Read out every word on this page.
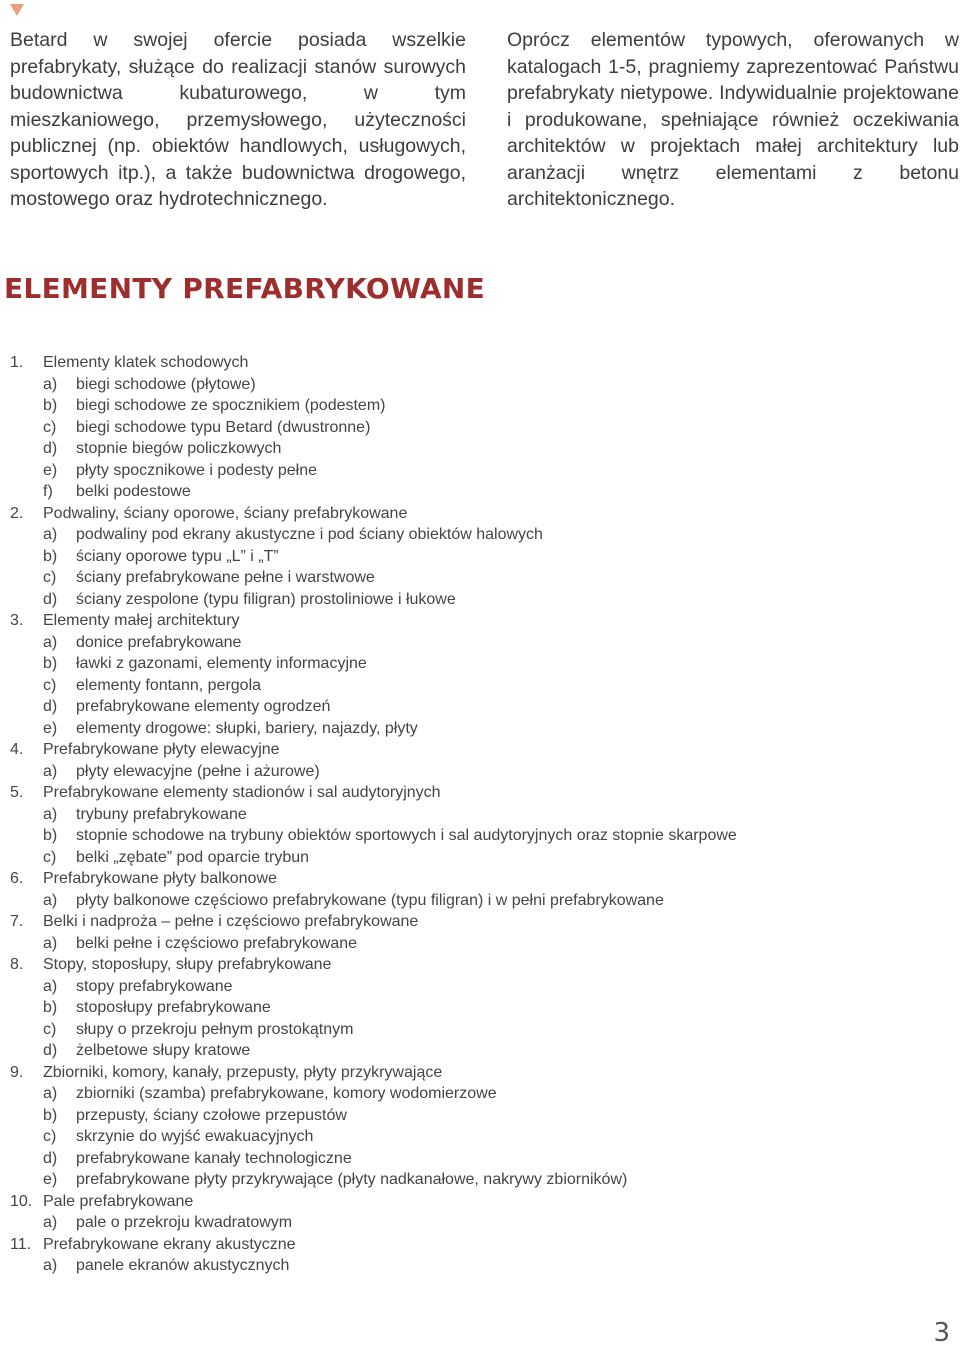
Betard w swojej ofercie posiada wszelkie prefabrykaty, służące do realizacji stanów surowych budownictwa kubaturowego, w tym mieszkaniowego, przemysłowego, użyteczności publicznej (np. obiektów handlowych, usługowych, sportowych itp.), a także budownictwa drogowego, mostowego oraz hydrotechnicznego.

Oprócz elementów typowych, oferowanych w katalogach 1-5, pragniemy zaprezentować Państwu prefabrykaty nietypowe. Indywidualnie projektowane i produkowane, spełniające również oczekiwania architektów w projektach małej architektury lub aranżacji wnętrz elementami z betonu architektonicznego.

ELEMENTY PREFABRYKOWANE
1.	Elementy klatek schodowych
a)	biegi schodowe (płytowe)
b)	biegi schodowe ze spocznikiem (podestem)
c)	biegi schodowe typu Betard (dwustronne)
d)	stopnie biegów policzkowych
e)	płyty spocznikowe i podesty pełne
f)	belki podestowe
2.	Podwaliny, ściany oporowe, ściany prefabrykowane
a)	podwaliny pod ekrany akustyczne i pod ściany obiektów halowych
b)	ściany oporowe typu „L” i „T”
c)	ściany prefabrykowane pełne i warstwowe
d)	ściany zespolone (typu filigran) prostoliniowe i łukowe
3.	Elementy małej architektury
a)	donice prefabrykowane
b)	ławki z gazonami, elementy informacyjne
c)	elementy fontann, pergola
d)	prefabrykowane elementy ogrodzeń
e)	elementy drogowe: słupki, bariery, najazdy, płyty
4.	Prefabrykowane płyty elewacyjne
a)	płyty elewacyjne (pełne i ażurowe)
5.	Prefabrykowane elementy stadionów i sal audytoryjnych
a)	trybuny prefabrykowane
b)	stopnie schodowe na trybuny obiektów sportowych i sal audytoryjnych oraz stopnie skarpowe
c)	belki „zębate” pod oparcie trybun
6.	Prefabrykowane płyty balkonowe
a)	płyty balkonowe częściowo prefabrykowane (typu filigran) i w pełni prefabrykowane
7.	Belki i nadproża – pełne i częściowo prefabrykowane
a)	belki pełne i częściowo prefabrykowane
8.	Stopy, stoposłupy, słupy prefabrykowane
a)	stopy prefabrykowane
b)	stoposłupy prefabrykowane
c)	słupy o przekroju pełnym prostokątnym
d)	żelbetowe słupy kratowe
9.	Zbiorniki, komory, kanały, przepusty, płyty przykrywające
a)	zbiorniki (szamba) prefabrykowane, komory wodomierzowe
b)	przepusty, ściany czołowe przepustów
c)	skrzynie do wyjść ewakuacyjnych
d)	prefabrykowane kanały technologiczne
e)	prefabrykowane płyty przykrywające (płyty nadkanałowe, nakrywy zbiorników)
10. Pale prefabrykowane
a)	pale o przekroju kwadratowym
11. Prefabrykowane ekrany akustyczne
a)	panele ekranów akustycznych
3
